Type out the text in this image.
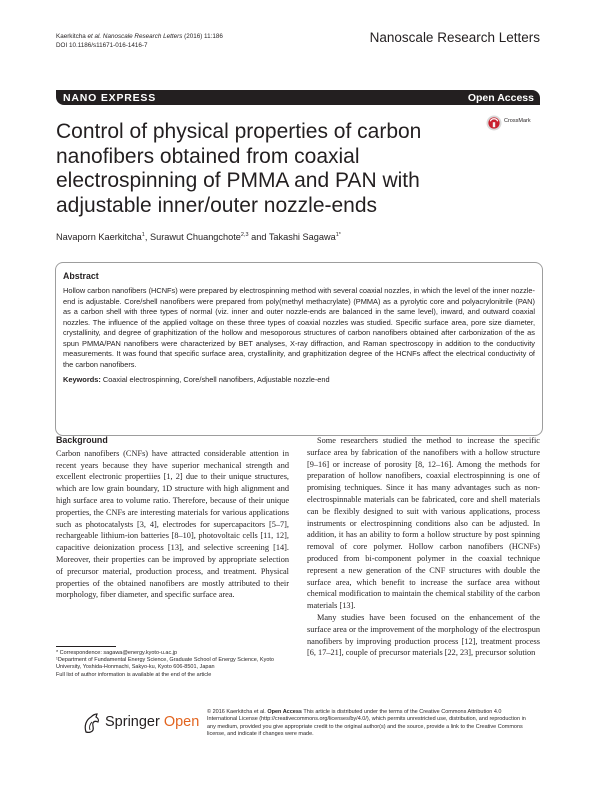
Kaerkitcha et al. Nanoscale Research Letters (2016) 11:186
DOI 10.1186/s11671-016-1416-7
Nanoscale Research Letters
NANO EXPRESS	Open Access
Control of physical properties of carbon nanofibers obtained from coaxial electrospinning of PMMA and PAN with adjustable inner/outer nozzle-ends
CrossMark
Navaporn Kaerkitcha$^1$, Surawut Chuangchote$^{2,3}$ and Takashi Sagawa$^{1*}$
Abstract
Hollow carbon nanofibers (HCNFs) were prepared by electrospinning method with several coaxial nozzles, in which the level of the inner nozzle-end is adjustable. Core/shell nanofibers were prepared from poly(methyl methacrylate) (PMMA) as a pyrolytic core and polyacrylonitrile (PAN) as a carbon shell with three types of normal (viz. inner and outer nozzle-ends are balanced in the same level), inward, and outward coaxial nozzles. The influence of the applied voltage on these three types of coaxial nozzles was studied. Specific surface area, pore size diameter, crystallinity, and degree of graphitization of the hollow and mesoporous structures of carbon nanofibers obtained after carbonization of the as spun PMMA/PAN nanofibers were characterized by BET analyses, X-ray diffraction, and Raman spectroscopy in addition to the conductivity measurements. It was found that specific surface area, crystallinity, and graphitization degree of the HCNFs affect the electrical conductivity of the carbon nanofibers.
Keywords: Coaxial electrospinning, Core/shell nanofibers, Adjustable nozzle-end
Background

Carbon nanofibers (CNFs) have attracted considerable attention in recent years because they have superior mechanical strength and excellent electronic propertiies [1, 2] due to their unique structures, which are low grain boundary, 1D structure with high alignment and high surface area to volume ratio. Therefore, because of their unique properties, the CNFs are interesting materials for various applications such as photocatalysts [3, 4], electrodes for supercapacitors [5–7], rechargeable lithium-ion batteries [8–10], photovoltaic cells [11, 12], capacitive deionization process [13], and selective screening [14]. Moreover, their properties can be improved by appropriate selection of precursor material, production process, and treatment. Physical properties of the obtained nanofibers are mostly attributed to their morphology, fiber diameter, and specific surface area.

Some researchers studied the method to increase the specific surface area by fabrication of the nanofibers with a hollow structure [9–16] or increase of porosity [8, 12–16]. Among the methods for preparation of hollow nanofibers, coaxial electrospinning is one of promising techniques. Since it has many advantages such as non-electrospinnable materials can be fabricated, core and shell materials can be flexibly designed to suit with various applications, process instruments or electrospinning conditions also can be adjusted. In addition, it has an ability to form a hollow structure by post spinning removal of core polymer. Hollow carbon nanofibers (HCNFs) produced from bi-component polymer in the coaxial technique represent a new generation of the CNF structures with double the surface area, which benefit to increase the surface area without chemical modification to maintain the chemical stability of the carbon materials [13].

Many studies have been focused on the enhancement of the surface area or the improvement of the morphology of the electrospun nanofibers by improving production process [12], treatment process [6, 17–21], couple of precursor materials [22, 23], precursor solution

* Correspondence: sagawa@energy.kyoto-u.ac.jp
¹Department of Fundamental Energy Science, Graduate School of Energy Science, Kyoto University, Yoshida-Honmachi, Sakyo-ku, Kyoto 606-8501, Japan
Full list of author information is available at the end of the article
Springer Open
© 2016 Kaerkitcha et al. Open Access This article is distributed under the terms of the Creative Commons Attribution 4.0 International License (http://creativecommons.org/licenses/by/4.0/), which permits unrestricted use, distribution, and reproduction in any medium, provided you give appropriate credit to the original author(s) and the source, provide a link to the Creative Commons license, and indicate if changes were made.
